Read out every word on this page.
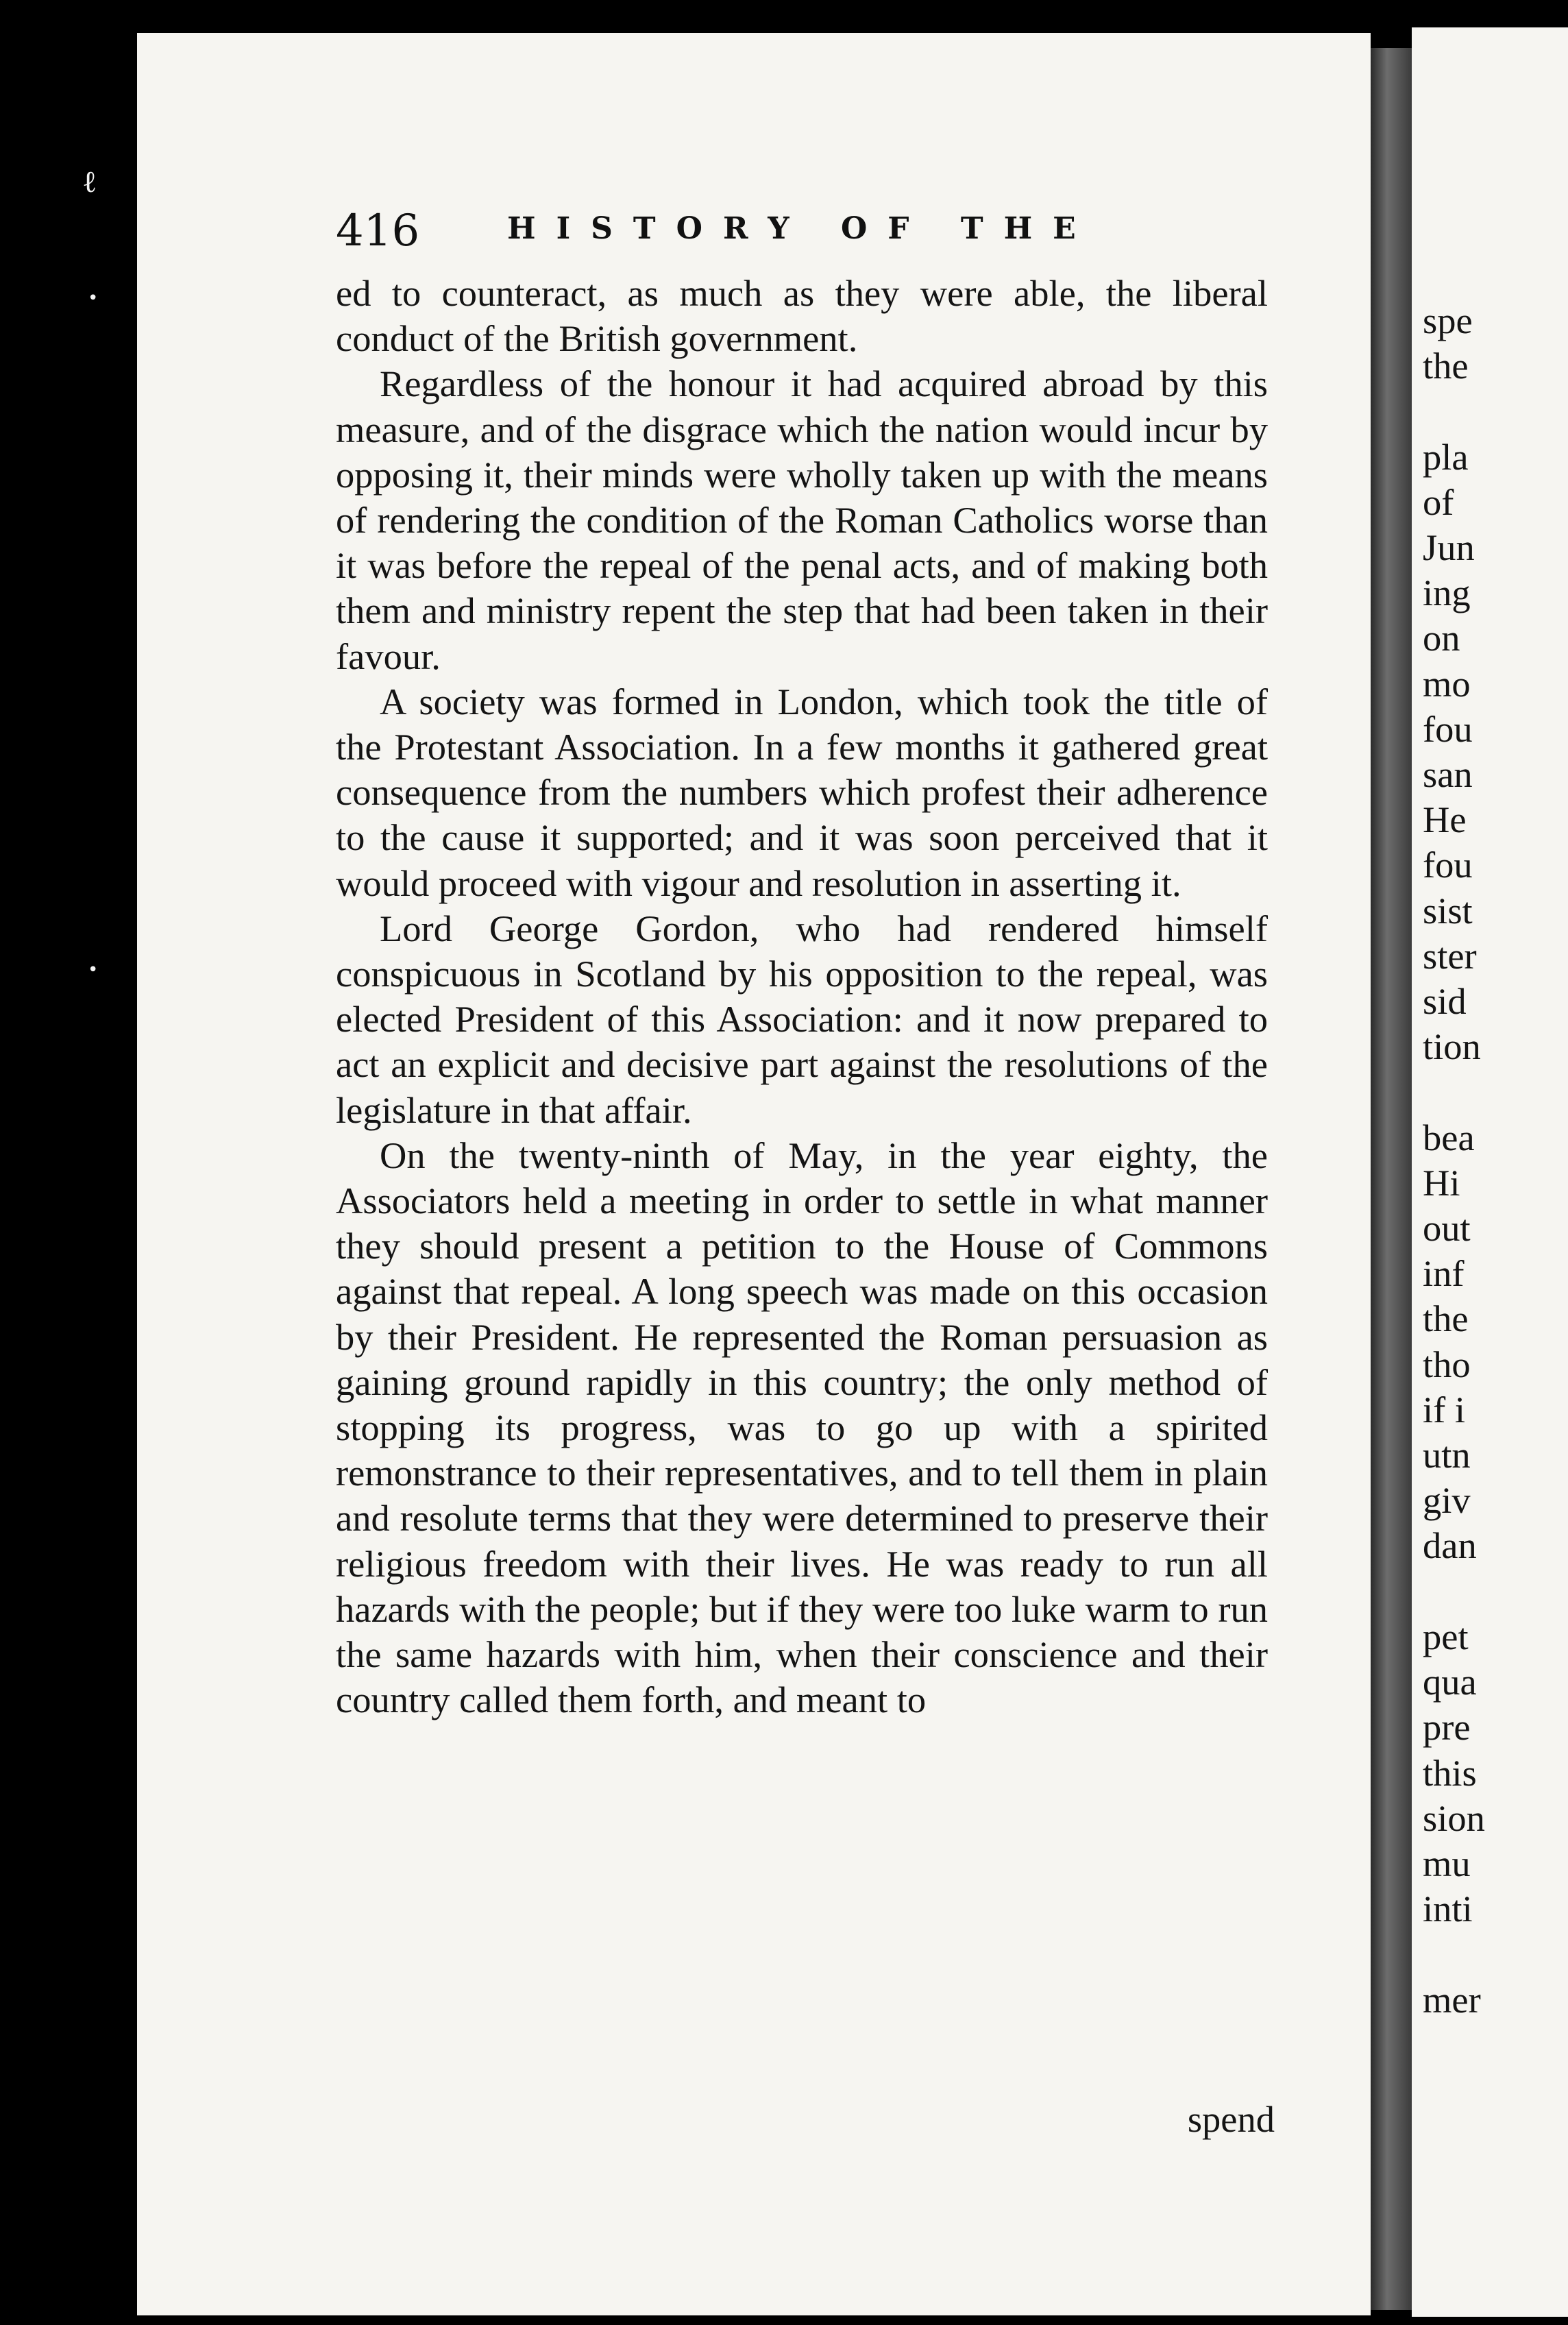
ℓ
•
•
spe
the

pla
of
Jun
ing
on
mo
fou
san
He
fou
sist
ster
sid
tion

bea
Hi
out
inf
the
tho
if i
utn
giv
dan

pet
qua
pre
this
sion
mu
inti

mer
416	HISTORY OF THE

ed to counteract, as much as they were able, the liberal conduct of the British government.

Regardless of the honour it had acquired abroad by this measure, and of the disgrace which the nation would incur by opposing it, their minds were wholly taken up with the means of rendering the condition of the Roman Catholics worse than it was before the repeal of the penal acts, and of making both them and ministry repent the step that had been taken in their favour.

A society was formed in London, which took the title of the Protestant Association. In a few months it gathered great consequence from the numbers which profest their adherence to the cause it supported; and it was soon perceived that it would proceed with vigour and resolution in asserting it.

Lord George Gordon, who had rendered himself conspicuous in Scotland by his opposition to the repeal, was elected President of this Association: and it now prepared to act an explicit and decisive part against the resolutions of the legislature in that affair.

On the twenty-ninth of May, in the year eighty, the Associators held a meeting in order to settle in what manner they should present a petition to the House of Commons against that repeal. A long speech was made on this occasion by their President. He represented the Roman persuasion as gaining ground rapidly in this country; the only method of stopping its progress, was to go up with a spirited remonstrance to their representatives, and to tell them in plain and resolute terms that they were determined to preserve their religious freedom with their lives. He was ready to run all hazards with the people; but if they were too luke warm to run the same hazards with him, when their conscience and their country called them forth, and meant to

spend
